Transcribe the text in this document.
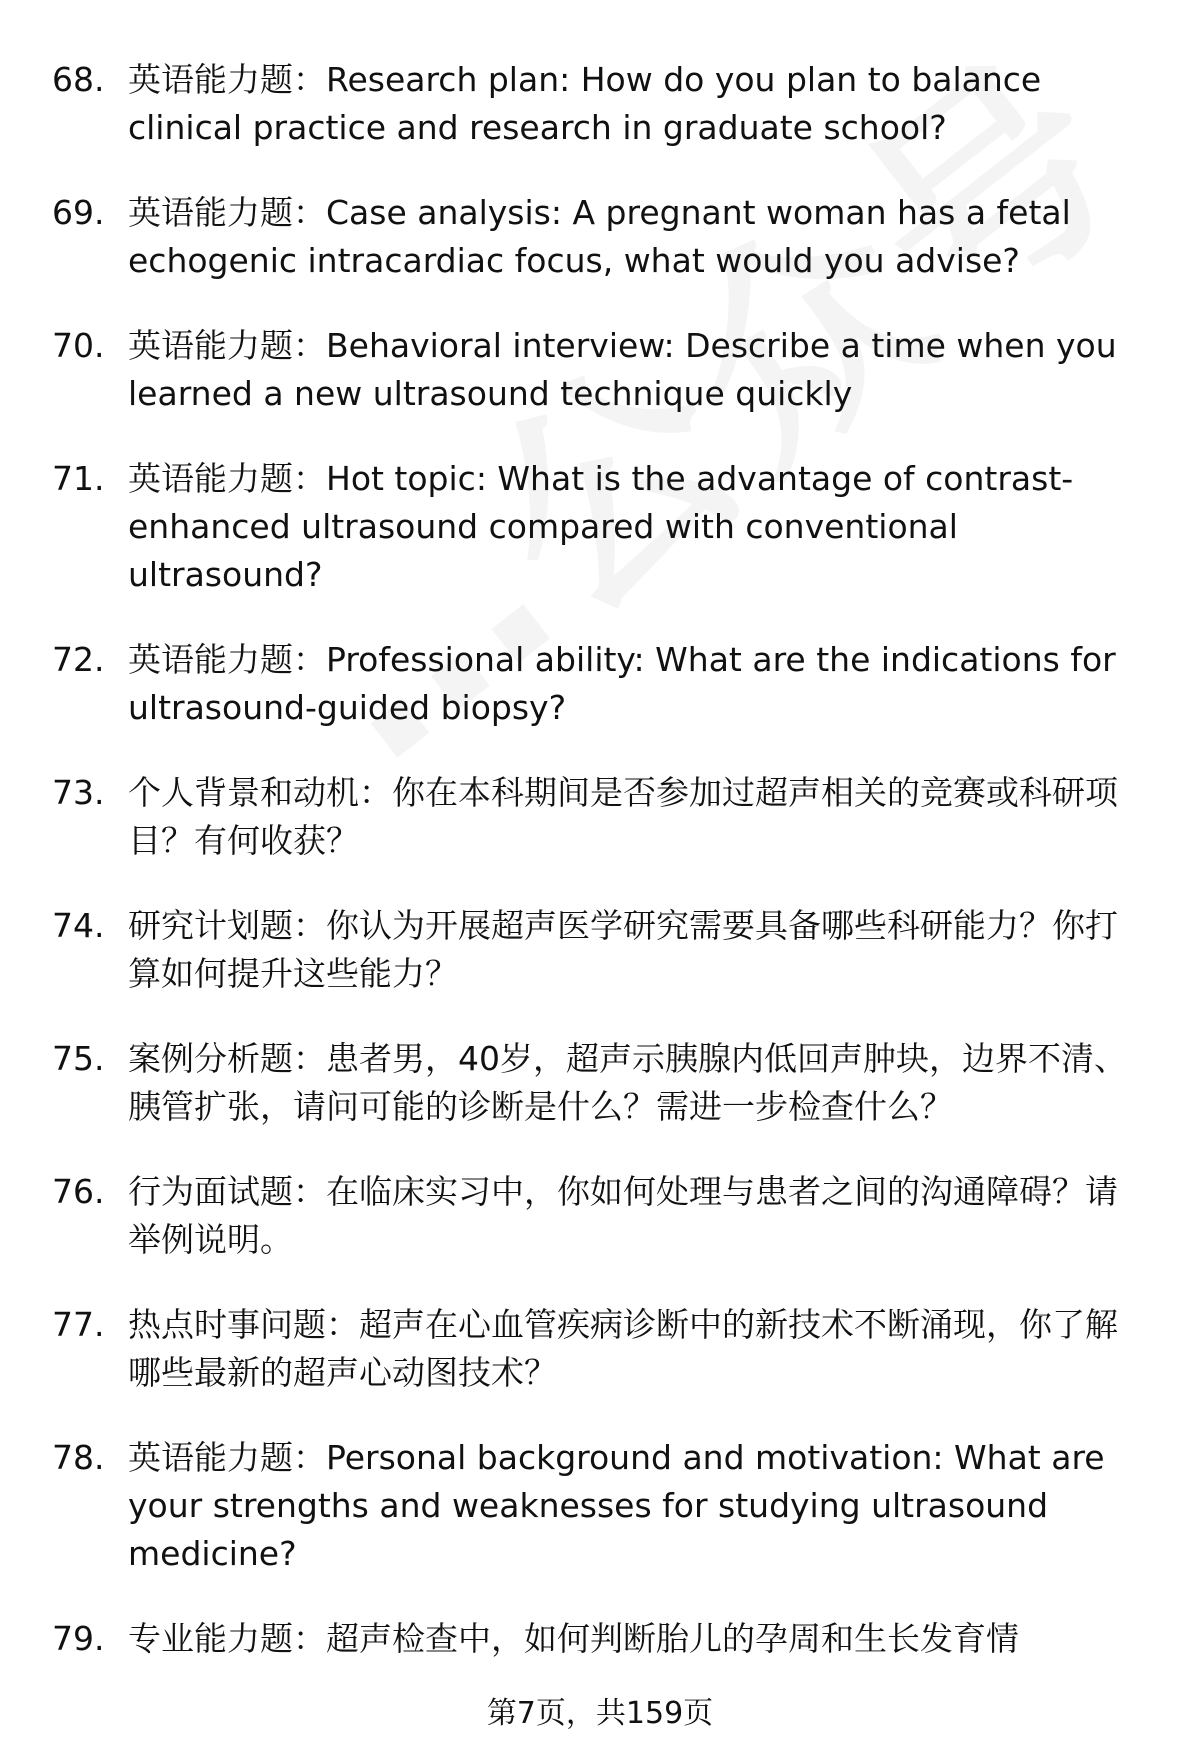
68. 英语能力题：Research plan: How do you plan to balance clinical practice and research in graduate school?
69. 英语能力题：Case analysis: A pregnant woman has a fetal echogenic intracardiac focus, what would you advise?
70. 英语能力题：Behavioral interview: Describe a time when you learned a new ultrasound technique quickly
71. 英语能力题：Hot topic: What is the advantage of contrast-enhanced ultrasound compared with conventional ultrasound?
72. 英语能力题：Professional ability: What are the indications for ultrasound-guided biopsy?
73. 个人背景和动机：你在本科期间是否参加过超声相关的竞赛或科研项目？有何收获？
74. 研究计划题：你认为开展超声医学研究需要具备哪些科研能力？你打算如何提升这些能力？
75. 案例分析题：患者男，40岁，超声示胰腺内低回声肿块，边界不清、胰管扩张，请问可能的诊断是什么？需进一步检查什么？
76. 行为面试题：在临床实习中，你如何处理与患者之间的沟通障碍？请举例说明。
77. 热点时事问题：超声在心血管疾病诊断中的新技术不断涌现，你了解哪些最新的超声心动图技术？
78. 英语能力题：Personal background and motivation: What are your strengths and weaknesses for studying ultrasound medicine?
79. 专业能力题：超声检查中，如何判断胎儿的孕周和生长发育情
第7页，共159页
